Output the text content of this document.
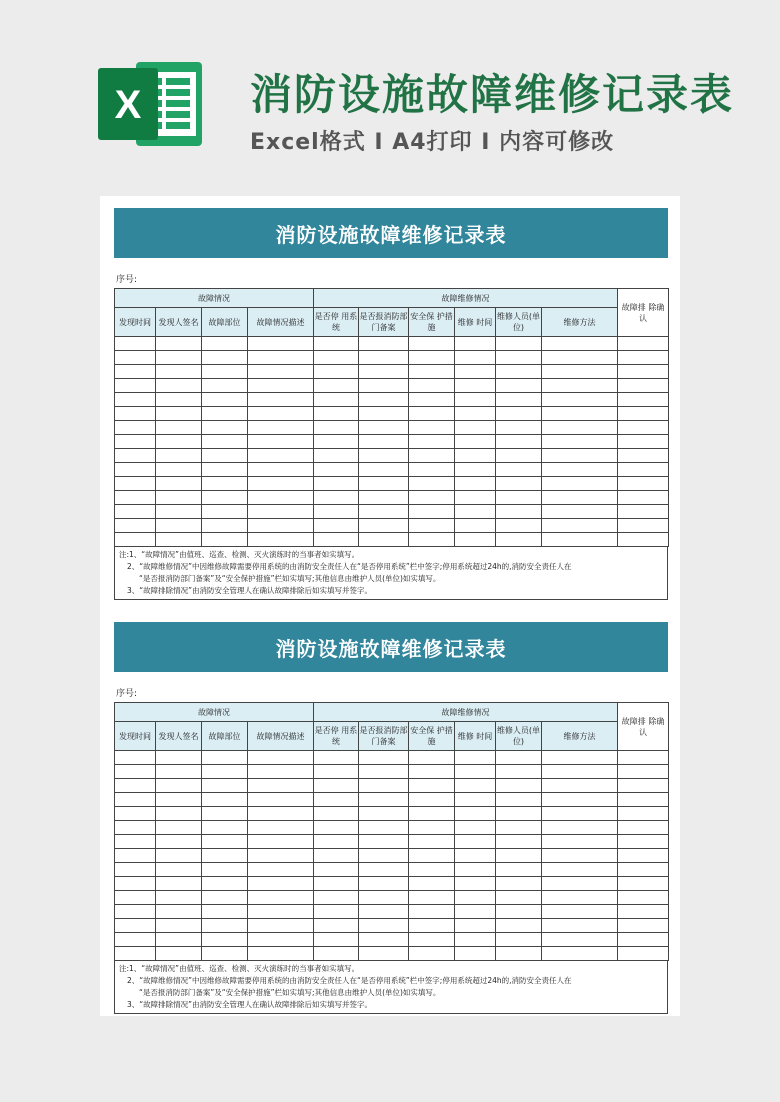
X	消防设施故障维修记录表
Excel格式 I A4打印 I 内容可修改
消防设施故障维修记录表
序号:
故障情况				故障维修情况						故障排 除确认
发现时间	发现人签名	故障部位	故障情况描述	是否停 用系统	是否报消防部门备案	安全保 护措施	维修 时间	维修人员(单位)	维修方法	

注:1、“故障情况”由值班、巡查、检测、灭火演练时的当事者如实填写。
2、“故障维修情况”中因维修故障需要停用系统的由消防安全责任人在“是否停用系统”栏中签字;停用系统超过24h的,消防安全责任人在
“是否报消防部门备案”及“安全保护措施”栏如实填写;其他信息由维护人员(单位)如实填写。
3、“故障排除情况”由消防安全管理人在确认故障排除后如实填写并签字。
消防设施故障维修记录表
序号:
故障情况				故障维修情况						故障排 除确认
发现时间	发现人签名	故障部位	故障情况描述	是否停 用系统	是否报消防部门备案	安全保 护措施	维修 时间	维修人员(单位)	维修方法	

注:1、“故障情况”由值班、巡查、检测、灭火演练时的当事者如实填写。
2、“故障维修情况”中因维修故障需要停用系统的由消防安全责任人在“是否停用系统”栏中签字;停用系统超过24h的,消防安全责任人在
“是否报消防部门备案”及“安全保护措施”栏如实填写;其他信息由维护人员(单位)如实填写。
3、“故障排除情况”由消防安全管理人在确认故障排除后如实填写并签字。
